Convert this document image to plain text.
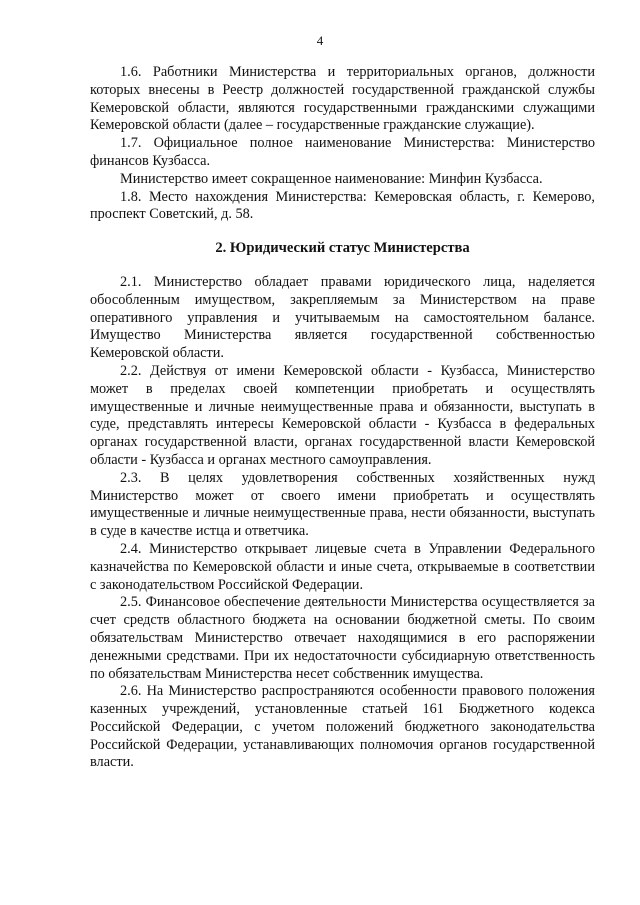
4

1.6. Работники Министерства и территориальных органов, должности которых внесены в Реестр должностей государственной гражданской службы Кемеровской области, являются государственными гражданскими служащими Кемеровской области (далее – государственные гражданские служащие).

1.7. Официальное полное наименование Министерства: Министерство финансов Кузбасса.

Министерство имеет сокращенное наименование: Минфин Кузбасса.

1.8. Место нахождения Министерства: Кемеровская область, г. Кемерово, проспект Советский, д. 58.

2. Юридический статус Министерства

2.1. Министерство обладает правами юридического лица, наделяется обособленным имуществом, закрепляемым за Министерством на праве оперативного управления и учитываемым на самостоятельном балансе. Имущество Министерства является государственной собственностью Кемеровской области.

2.2. Действуя от имени Кемеровской области - Кузбасса, Министерство может в пределах своей компетенции приобретать и осуществлять имущественные и личные неимущественные права и обязанности, выступать в суде, представлять интересы Кемеровской области - Кузбасса в федеральных органах государственной власти, органах государственной власти Кемеровской области - Кузбасса и органах местного самоуправления.

2.3. В целях удовлетворения собственных хозяйственных нужд Министерство может от своего имени приобретать и осуществлять имущественные и личные неимущественные права, нести обязанности, выступать в суде в качестве истца и ответчика.

2.4. Министерство открывает лицевые счета в Управлении Федерального казначейства по Кемеровской области и иные счета, открываемые в соответствии с законодательством Российской Федерации.

2.5. Финансовое обеспечение деятельности Министерства осуществляется за счет средств областного бюджета на основании бюджетной сметы. По своим обязательствам Министерство отвечает находящимися в его распоряжении денежными средствами. При их недостаточности субсидиарную ответственность по обязательствам Министерства несет собственник имущества.

2.6. На Министерство распространяются особенности правового положения казенных учреждений, установленные статьей 161 Бюджетного кодекса Российской Федерации, с учетом положений бюджетного законодательства Российской Федерации, устанавливающих полномочия органов государственной власти.
